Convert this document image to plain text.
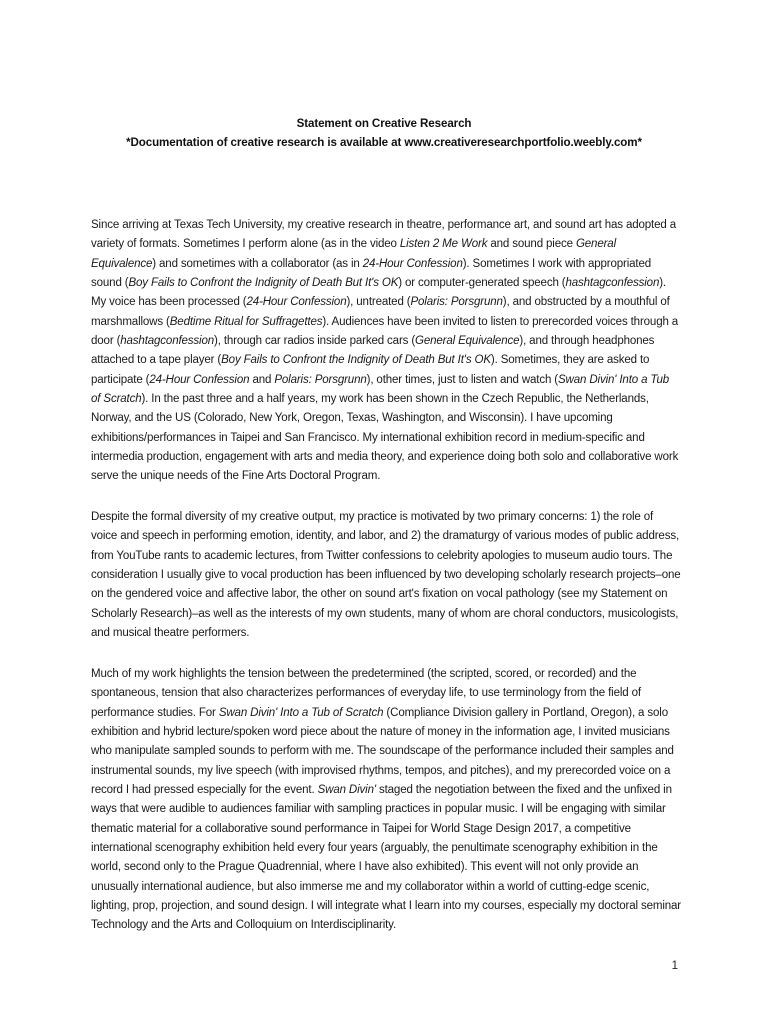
Statement on Creative Research
*Documentation of creative research is available at www.creativeresearchportfolio.weebly.com*

Since arriving at Texas Tech University, my creative research in theatre, performance art, and sound art has adopted a variety of formats. Sometimes I perform alone (as in the video Listen 2 Me Work and sound piece General Equivalence) and sometimes with a collaborator (as in 24-Hour Confession). Sometimes I work with appropriated sound (Boy Fails to Confront the Indignity of Death But It's OK) or computer-generated speech (hashtagconfession). My voice has been processed (24-Hour Confession), untreated (Polaris: Porsgrunn), and obstructed by a mouthful of marshmallows (Bedtime Ritual for Suffragettes). Audiences have been invited to listen to prerecorded voices through a door (hashtagconfession), through car radios inside parked cars (General Equivalence), and through headphones attached to a tape player (Boy Fails to Confront the Indignity of Death But It's OK). Sometimes, they are asked to participate (24-Hour Confession and Polaris: Porsgrunn), other times, just to listen and watch (Swan Divin' Into a Tub of Scratch). In the past three and a half years, my work has been shown in the Czech Republic, the Netherlands, Norway, and the US (Colorado, New York, Oregon, Texas, Washington, and Wisconsin). I have upcoming exhibitions/performances in Taipei and San Francisco. My international exhibition record in medium-specific and intermedia production, engagement with arts and media theory, and experience doing both solo and collaborative work serve the unique needs of the Fine Arts Doctoral Program.

Despite the formal diversity of my creative output, my practice is motivated by two primary concerns: 1) the role of voice and speech in performing emotion, identity, and labor, and 2) the dramaturgy of various modes of public address, from YouTube rants to academic lectures, from Twitter confessions to celebrity apologies to museum audio tours. The consideration I usually give to vocal production has been influenced by two developing scholarly research projects–one on the gendered voice and affective labor, the other on sound art's fixation on vocal pathology (see my Statement on Scholarly Research)–as well as the interests of my own students, many of whom are choral conductors, musicologists, and musical theatre performers.

Much of my work highlights the tension between the predetermined (the scripted, scored, or recorded) and the spontaneous, tension that also characterizes performances of everyday life, to use terminology from the field of performance studies. For Swan Divin' Into a Tub of Scratch (Compliance Division gallery in Portland, Oregon), a solo exhibition and hybrid lecture/spoken word piece about the nature of money in the information age, I invited musicians who manipulate sampled sounds to perform with me. The soundscape of the performance included their samples and instrumental sounds, my live speech (with improvised rhythms, tempos, and pitches), and my prerecorded voice on a record I had pressed especially for the event. Swan Divin' staged the negotiation between the fixed and the unfixed in ways that were audible to audiences familiar with sampling practices in popular music. I will be engaging with similar thematic material for a collaborative sound performance in Taipei for World Stage Design 2017, a competitive international scenography exhibition held every four years (arguably, the penultimate scenography exhibition in the world, second only to the Prague Quadrennial, where I have also exhibited). This event will not only provide an unusually international audience, but also immerse me and my collaborator within a world of cutting-edge scenic, lighting, prop, projection, and sound design. I will integrate what I learn into my courses, especially my doctoral seminar Technology and the Arts and Colloquium on Interdisciplinarity.

1
